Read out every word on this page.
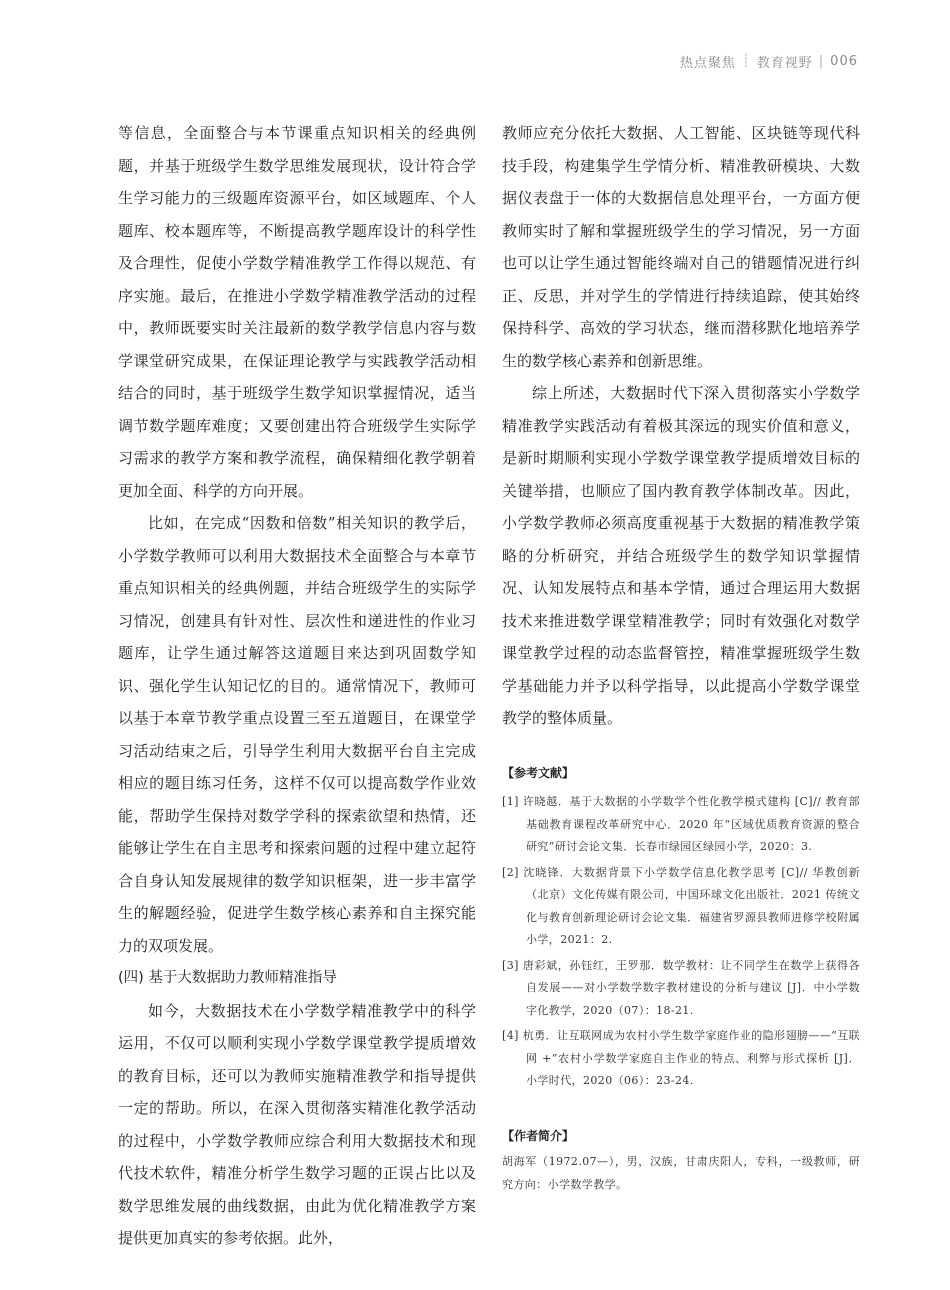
热点聚焦 ┊ 教育视野 | 006

等信息，全面整合与本节课重点知识相关的经典例题，并基于班级学生数学思维发展现状，设计符合学生学习能力的三级题库资源平台，如区域题库、个人题库、校本题库等，不断提高教学题库设计的科学性及合理性，促使小学数学精准教学工作得以规范、有序实施。最后，在推进小学数学精准教学活动的过程中，教师既要实时关注最新的数学教学信息内容与数学课堂研究成果，在保证理论教学与实践教学活动相结合的同时，基于班级学生数学知识掌握情况，适当调节数学题库难度；又要创建出符合班级学生实际学习需求的教学方案和教学流程，确保精细化教学朝着更加全面、科学的方向开展。

比如，在完成“因数和倍数”相关知识的教学后，小学数学教师可以利用大数据技术全面整合与本章节重点知识相关的经典例题，并结合班级学生的实际学习情况，创建具有针对性、层次性和递进性的作业习题库，让学生通过解答这道题目来达到巩固数学知识、强化学生认知记忆的目的。通常情况下，教师可以基于本章节教学重点设置三至五道题目，在课堂学习活动结束之后，引导学生利用大数据平台自主完成相应的题目练习任务，这样不仅可以提高数学作业效能，帮助学生保持对数学学科的探索欲望和热情，还能够让学生在自主思考和探索问题的过程中建立起符合自身认知发展规律的数学知识框架，进一步丰富学生的解题经验，促进学生数学核心素养和自主探究能力的双项发展。

(四) 基于大数据助力教师精准指导

如今，大数据技术在小学数学精准教学中的科学运用，不仅可以顺利实现小学数学课堂教学提质增效的教育目标，还可以为教师实施精准教学和指导提供一定的帮助。所以，在深入贯彻落实精准化教学活动的过程中，小学数学教师应综合利用大数据技术和现代技术软件，精准分析学生数学习题的正误占比以及数学思维发展的曲线数据，由此为优化精准教学方案提供更加真实的参考依据。此外，

教师应充分依托大数据、人工智能、区块链等现代科技手段，构建集学生学情分析、精准教研模块、大数据仪表盘于一体的大数据信息处理平台，一方面方便教师实时了解和掌握班级学生的学习情况，另一方面也可以让学生通过智能终端对自己的错题情况进行纠正、反思，并对学生的学情进行持续追踪，使其始终保持科学、高效的学习状态，继而潜移默化地培养学生的数学核心素养和创新思维。

综上所述，大数据时代下深入贯彻落实小学数学精准教学实践活动有着极其深远的现实价值和意义，是新时期顺利实现小学数学课堂教学提质增效目标的关键举措，也顺应了国内教育教学体制改革。因此，小学数学教师必须高度重视基于大数据的精准教学策略的分析研究，并结合班级学生的数学知识掌握情况、认知发展特点和基本学情，通过合理运用大数据技术来推进数学课堂精准教学；同时有效强化对数学课堂教学过程的动态监督管控，精准掌握班级学生数学基础能力并予以科学指导，以此提高小学数学课堂教学的整体质量。

【参考文献】

[1] 许晓越．基于大数据的小学数学个性化教学模式建构 [C]// 教育部基础教育课程改革研究中心．2020 年“区域优质教育资源的整合研究”研讨会论文集．长春市绿园区绿园小学，2020：3.
[2] 沈晓锋．大数据背景下小学数学信息化教学思考 [C]// 华教创新（北京）文化传媒有限公司，中国环球文化出版社．2021 传统文化与教育创新理论研讨会论文集．福建省罗源县教师进修学校附属小学，2021：2.
[3] 唐彩斌，孙钰红，王罗那．数学教材：让不同学生在数学上获得各自发展——对小学数学数字教材建设的分析与建议 [J]．中小学数字化教学，2020（07）：18-21.
[4] 杭勇．让互联网成为农村小学生数学家庭作业的隐形翅膀——“互联网 +”农村小学数学家庭自主作业的特点、利弊与形式探析 [J]．小学时代，2020（06）：23-24.

【作者简介】

胡海军（1972.07—），男，汉族，甘肃庆阳人，专科，一级教师，研究方向：小学数学教学。
